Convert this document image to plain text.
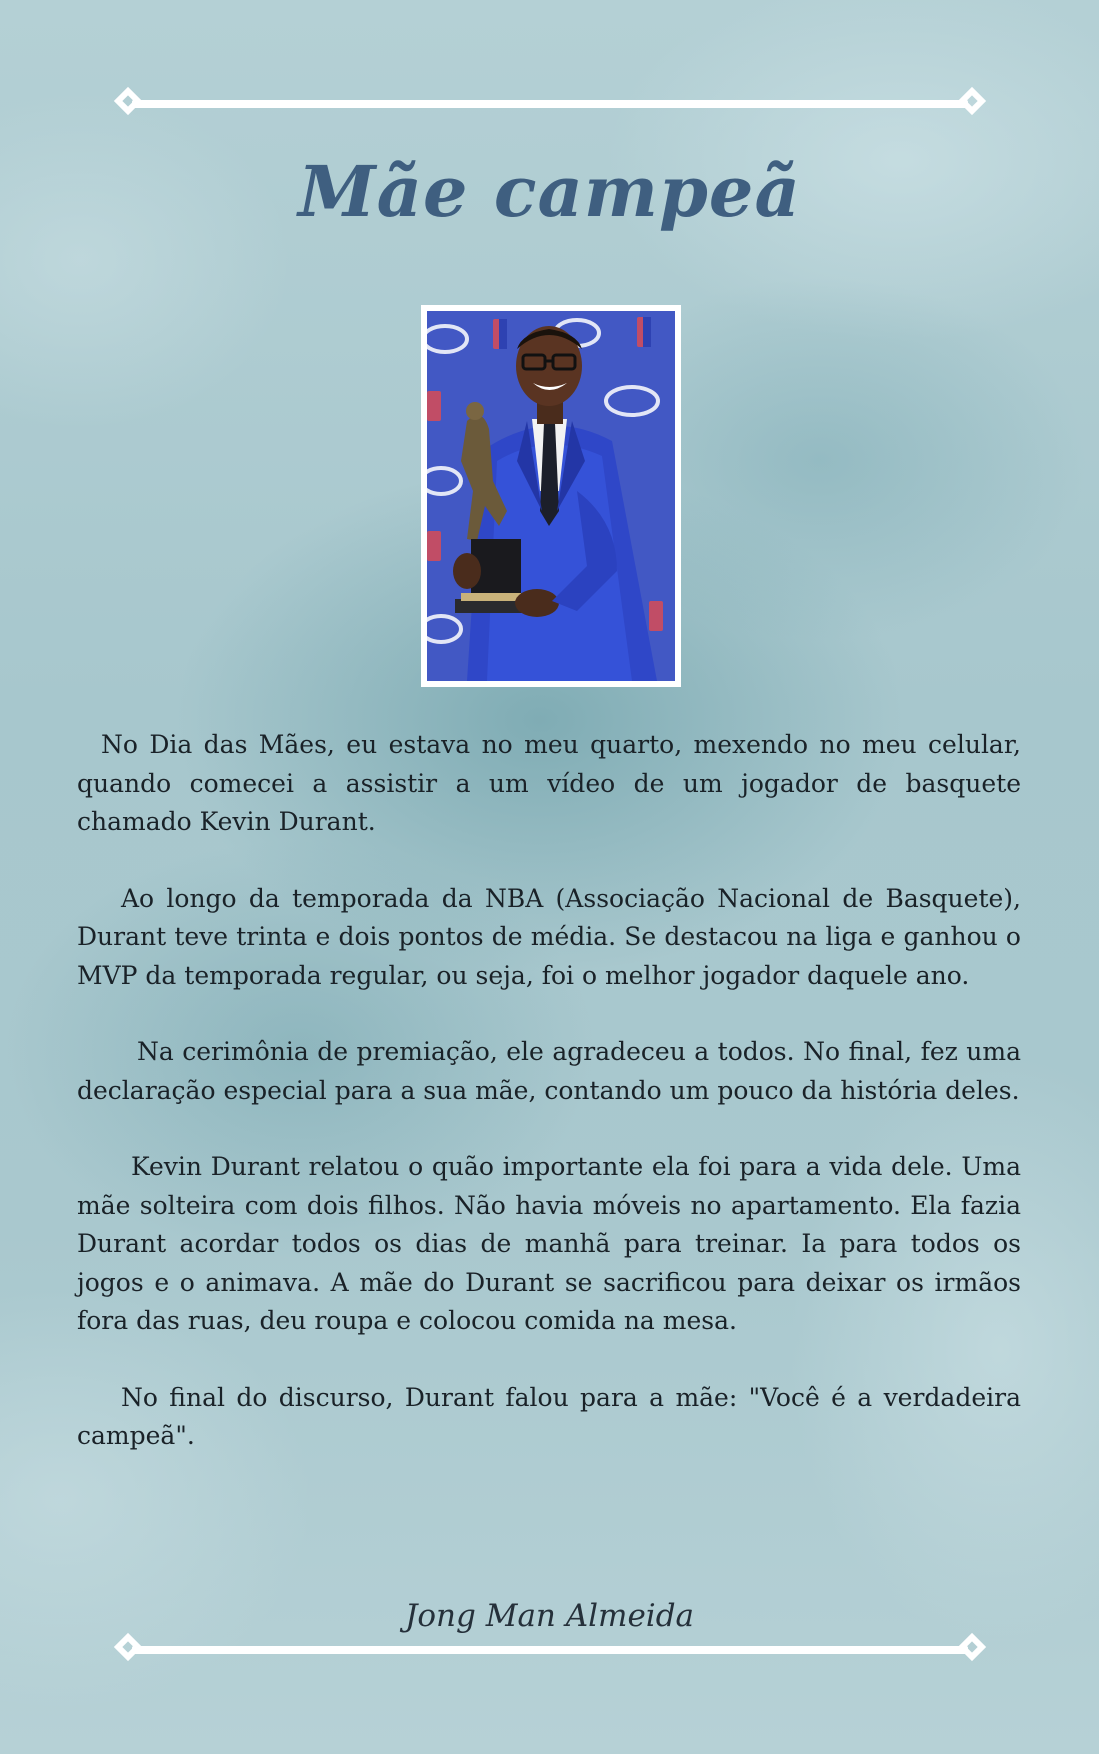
Mãe campeã

No Dia das Mães, eu estava no meu quarto, mexendo no meu celular, quando comecei a assistir a um vídeo de um jogador de basquete chamado Kevin Durant.

Ao longo da temporada da NBA (Associação Nacional de Basquete), Durant teve trinta e dois pontos de média. Se destacou na liga e ganhou o MVP da temporada regular, ou seja, foi o melhor jogador daquele ano.

Na cerimônia de premiação, ele agradeceu a todos. No final, fez uma declaração especial para a sua mãe, contando um pouco da história deles.

Kevin Durant relatou o quão importante ela foi para a vida dele. Uma mãe solteira com dois filhos. Não havia móveis no apartamento. Ela fazia Durant acordar todos os dias de manhã para treinar. Ia para todos os jogos e o animava. A mãe do Durant se sacrificou para deixar os irmãos fora das ruas, deu roupa e colocou comida na mesa.

No final do discurso, Durant falou para a mãe: "Você é a verdadeira campeã".

Jong Man Almeida
